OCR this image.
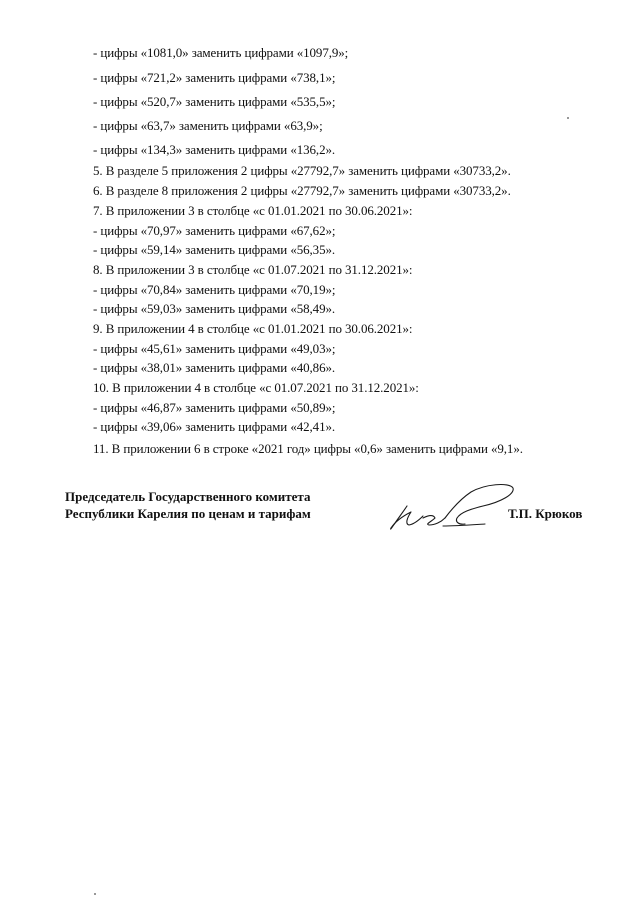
- цифры «1081,0» заменить цифрами «1097,9»;
- цифры «721,2» заменить цифрами «738,1»;
- цифры «520,7» заменить цифрами «535,5»;
- цифры «63,7» заменить цифрами «63,9»;
- цифры «134,3» заменить цифрами «136,2».
5. В разделе 5 приложения 2 цифры «27792,7» заменить цифрами «30733,2».
6. В разделе 8 приложения 2 цифры «27792,7» заменить цифрами «30733,2».
7. В приложении 3 в столбце «с 01.01.2021 по 30.06.2021»:
- цифры «70,97» заменить цифрами «67,62»;
- цифры «59,14» заменить цифрами «56,35».
8. В приложении 3 в столбце «с 01.07.2021 по 31.12.2021»:
- цифры «70,84» заменить цифрами «70,19»;
- цифры «59,03» заменить цифрами «58,49».
9. В приложении 4 в столбце «с 01.01.2021 по 30.06.2021»:
- цифры «45,61» заменить цифрами «49,03»;
- цифры «38,01» заменить цифрами «40,86».
10. В приложении 4 в столбце «с 01.07.2021 по 31.12.2021»:
- цифры «46,87» заменить цифрами «50,89»;
- цифры «39,06» заменить цифрами «42,41».
11. В приложении 6 в строке «2021 год» цифры «0,6» заменить цифрами «9,1».
Председатель Государственного комитета
Республики Карелия по ценам и тарифам	Т.П. Крюков
